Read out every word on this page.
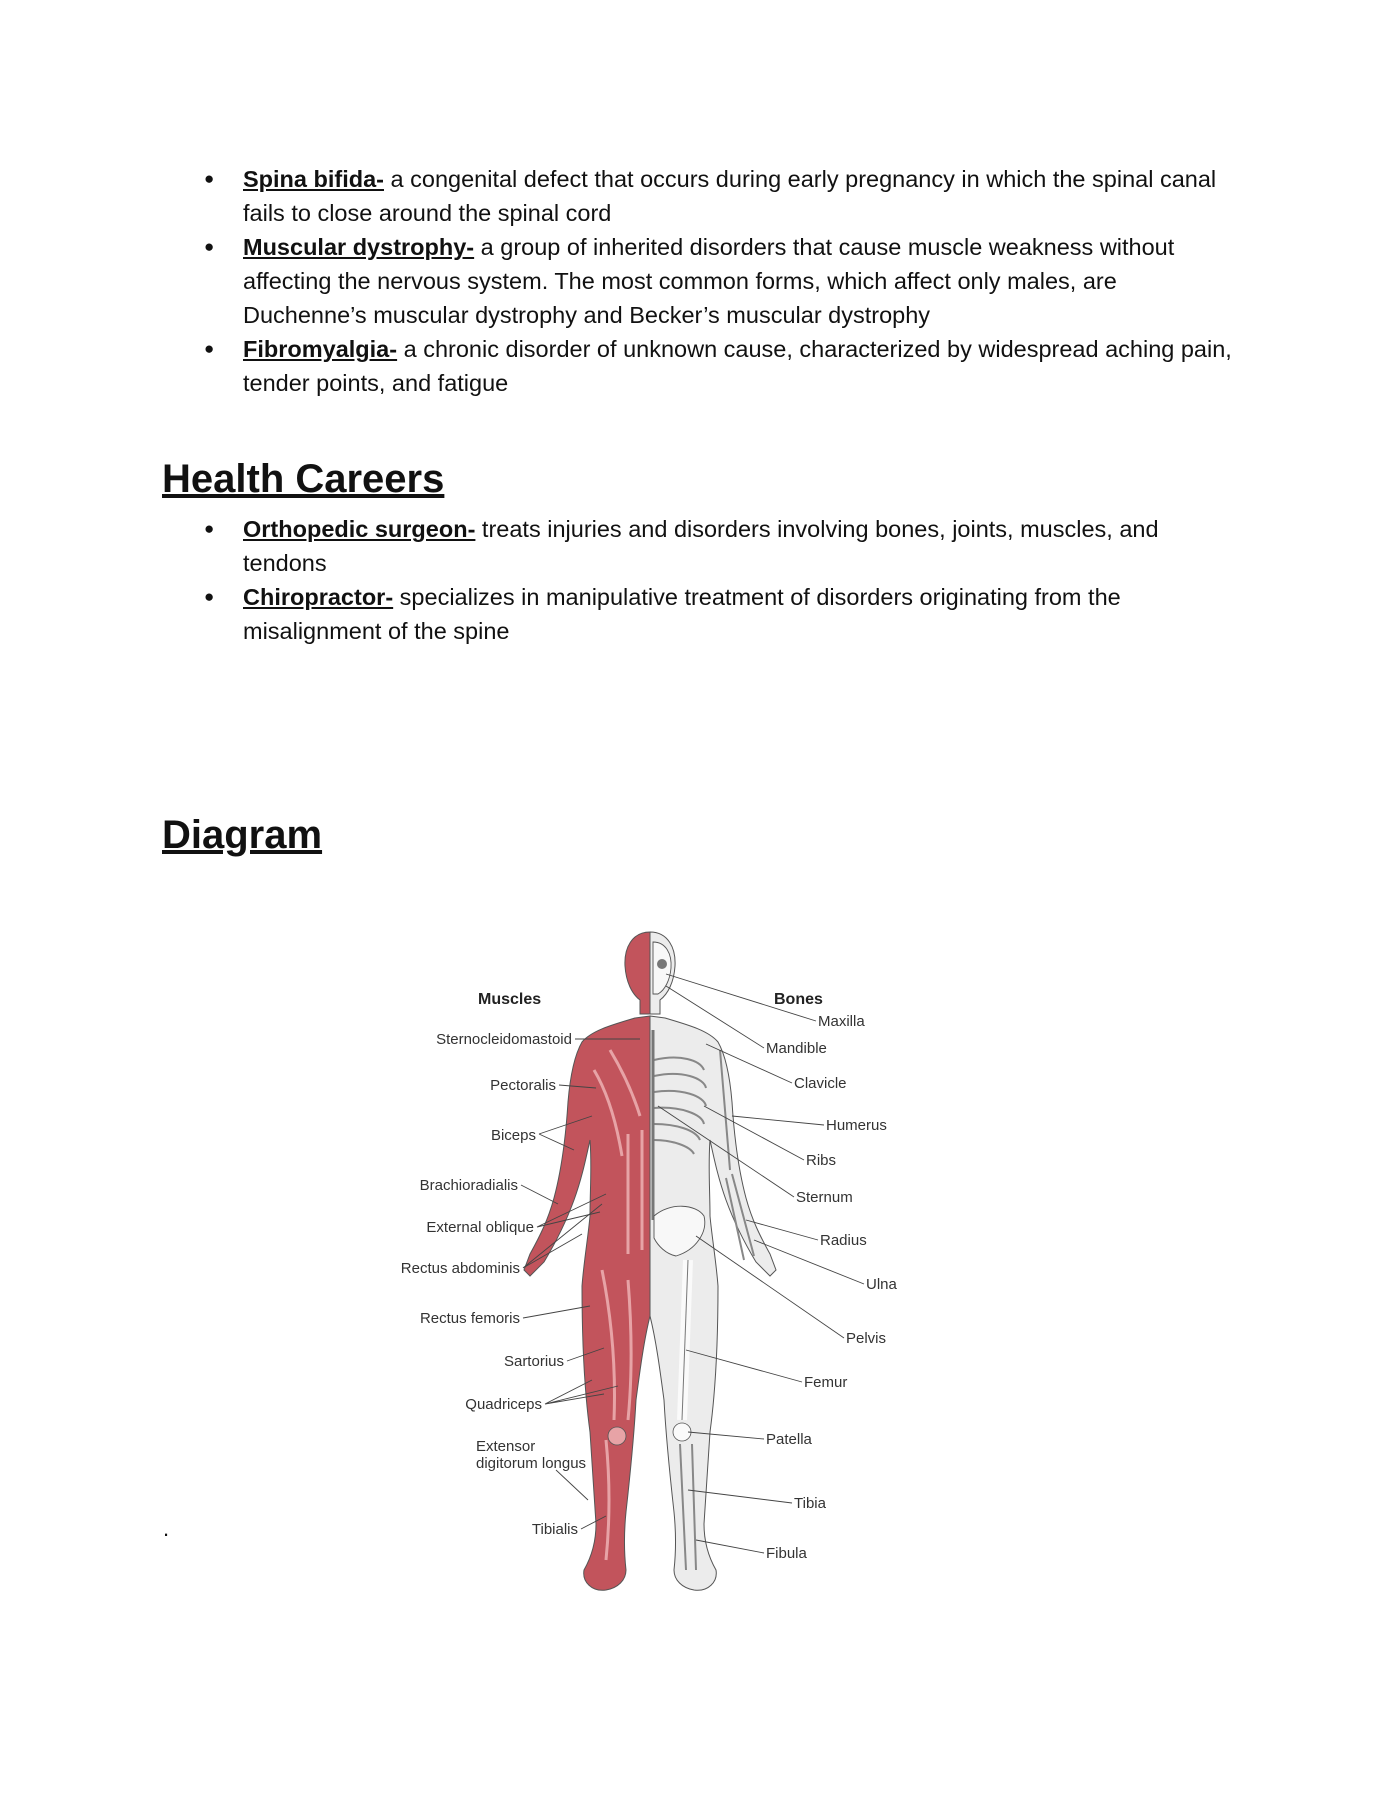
● Spina bifida- a congenital defect that occurs during early pregnancy in which the spinal canal fails to close around the spinal cord
● Muscular dystrophy- a group of inherited disorders that cause muscle weakness without affecting the nervous system. The most common forms, which affect only males, are Duchenne’s muscular dystrophy and Becker’s muscular dystrophy
● Fibromyalgia- a chronic disorder of unknown cause, characterized by widespread aching pain, tender points, and fatigue
Health Careers
● Orthopedic surgeon- treats injuries and disorders involving bones, joints, muscles, and tendons
● Chiropractor- specializes in manipulative treatment of disorders originating from the misalignment of the spine
Diagram
Muscles	Bones
Sternocleidomastoid
Pectoralis
Biceps
Brachioradialis
External oblique
Rectus abdominis
Rectus femoris
Sartorius
Quadriceps
Extensor
digitorum longus
Tibialis
Maxilla
Mandible
Clavicle
Humerus
Ribs
Sternum
Radius
Ulna
Pelvis
Femur
Patella
Tibia
Fibula
.
